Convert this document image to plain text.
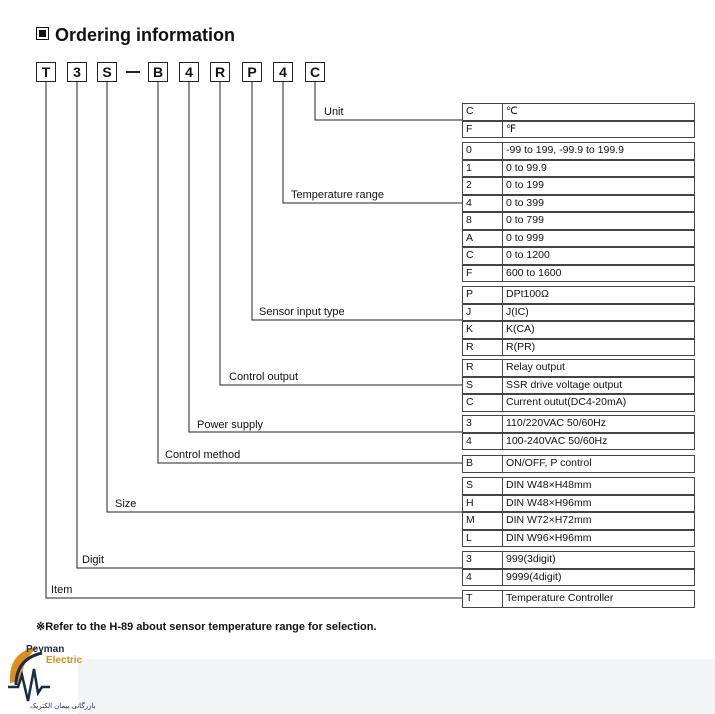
Ordering information
T	3	S	B	4	R	P	4	C
Unit	C	℃
F	℉
Temperature range
0	-99 to 199, -99.9 to 199.9
1	0 to 99.9
2	0 to 199
4	0 to 399
8	0 to 799
A	0 to 999
C	0 to 1200
F	600 to 1600
Sensor input type
P	DPt100Ω
J	J(IC)
K	K(CA)
R	R(PR)
Control output
R	Relay output
S	SSR drive voltage output
C	Current outut(DC4-20mA)
Power supply	3	110/220VAC 50/60Hz
4	100-240VAC 50/60Hz
Control method
B	ON/OFF, P control
Size
S	DIN W48×H48mm
H	DIN W48×H96mm
M	DIN W72×H72mm
L	DIN W96×H96mm
Digit	3	999(3digit)
4	9999(4digit)
Item
T	Temperature Controller
※Refer to the H-89 about sensor temperature range for selection.
Peyman
Electric
بازرگانی پیمان الکتریک
